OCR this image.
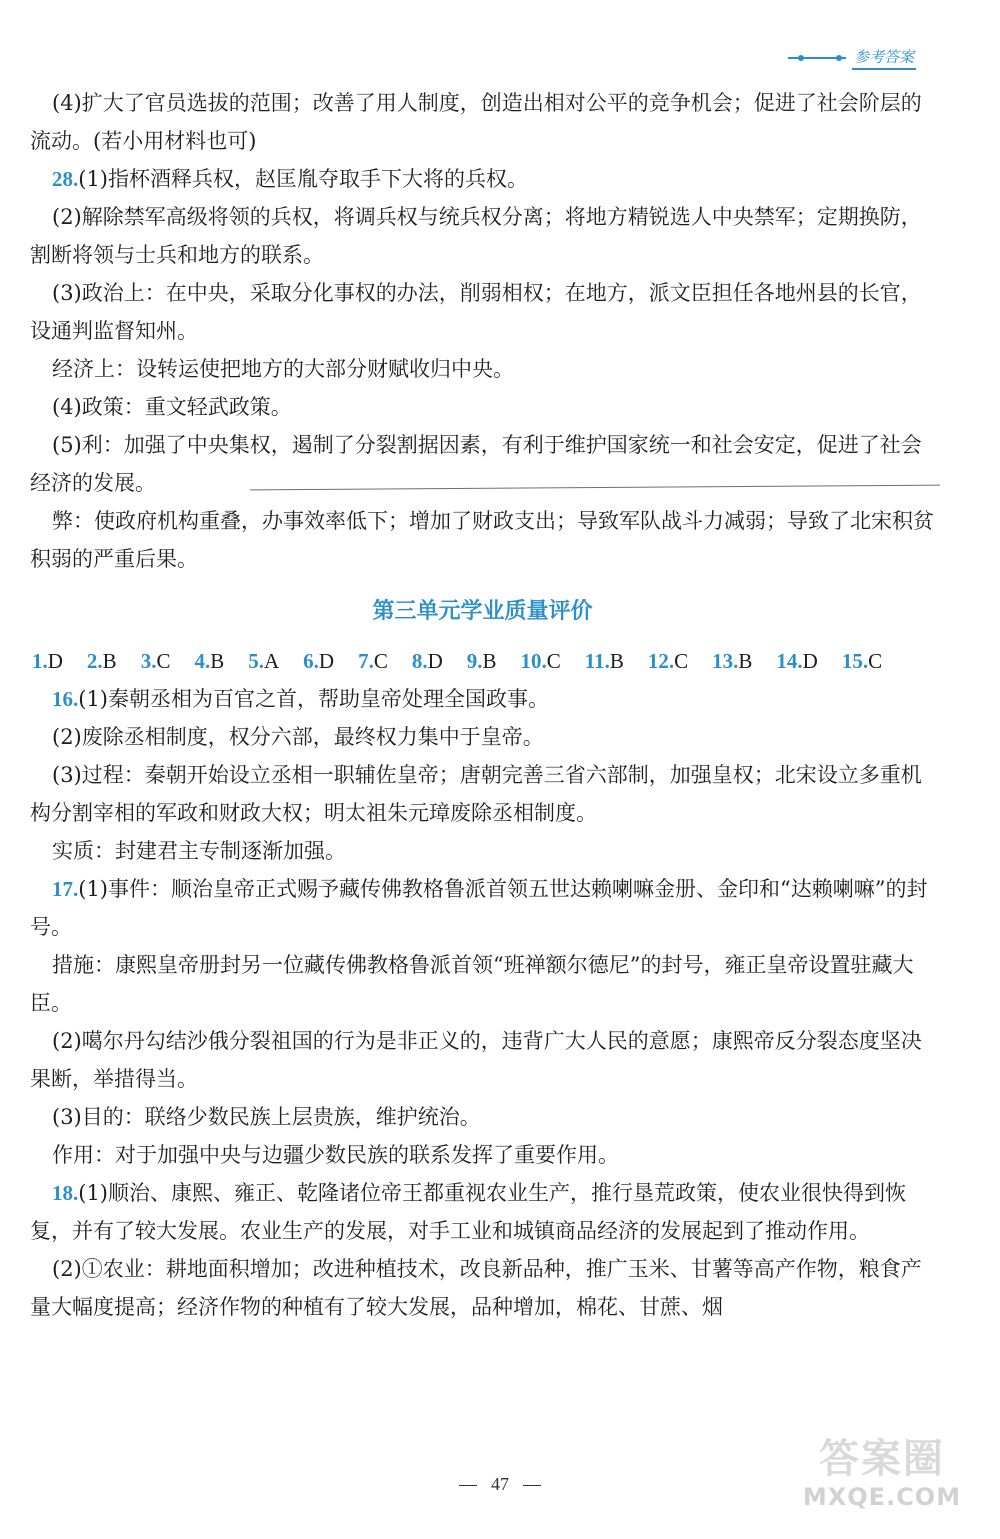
参考答案

(4)扩大了官员选拔的范围；改善了用人制度，创造出相对公平的竞争机会；促进了社会阶层的流动。(若小用材料也可)

28.(1)指杯酒释兵权，赵匡胤夺取手下大将的兵权。

(2)解除禁军高级将领的兵权，将调兵权与统兵权分离；将地方精锐选人中央禁军；定期换防，割断将领与士兵和地方的联系。

(3)政治上：在中央，采取分化事权的办法，削弱相权；在地方，派文臣担任各地州县的长官，设通判监督知州。

经济上：设转运使把地方的大部分财赋收归中央。

(4)政策：重文轻武政策。

(5)利：加强了中央集权，遏制了分裂割据因素，有利于维护国家统一和社会安定，促进了社会经济的发展。

弊：使政府机构重叠，办事效率低下；增加了财政支出；导致军队战斗力减弱；导致了北宋积贫积弱的严重后果。

第三单元学业质量评价
1.D 2.B 3.C 4.B 5.A 6.D 7.C 8.D 9.B 10.C 11.B 12.C 13.B 14.D 15.C

16.(1)秦朝丞相为百官之首，帮助皇帝处理全国政事。

(2)废除丞相制度，权分六部，最终权力集中于皇帝。

(3)过程：秦朝开始设立丞相一职辅佐皇帝；唐朝完善三省六部制，加强皇权；北宋设立多重机构分割宰相的军政和财政大权；明太祖朱元璋废除丞相制度。

实质：封建君主专制逐渐加强。

17.(1)事件：顺治皇帝正式赐予藏传佛教格鲁派首领五世达赖喇嘛金册、金印和“达赖喇嘛”的封号。

措施：康熙皇帝册封另一位藏传佛教格鲁派首领“班禅额尔德尼”的封号，雍正皇帝设置驻藏大臣。

(2)噶尔丹勾结沙俄分裂祖国的行为是非正义的，违背广大人民的意愿；康熙帝反分裂态度坚决果断，举措得当。

(3)目的：联络少数民族上层贵族，维护统治。

作用：对于加强中央与边疆少数民族的联系发挥了重要作用。

18.(1)顺治、康熙、雍正、乾隆诸位帝王都重视农业生产，推行垦荒政策，使农业很快得到恢复，并有了较大发展。农业生产的发展，对手工业和城镇商品经济的发展起到了推动作用。

(2)①农业：耕地面积增加；改进种植技术，改良新品种，推广玉米、甘薯等高产作物，粮食产量大幅度提高；经济作物的种植有了较大发展，品种增加，棉花、甘蔗、烟

47
答案圈
MXQE.COM
